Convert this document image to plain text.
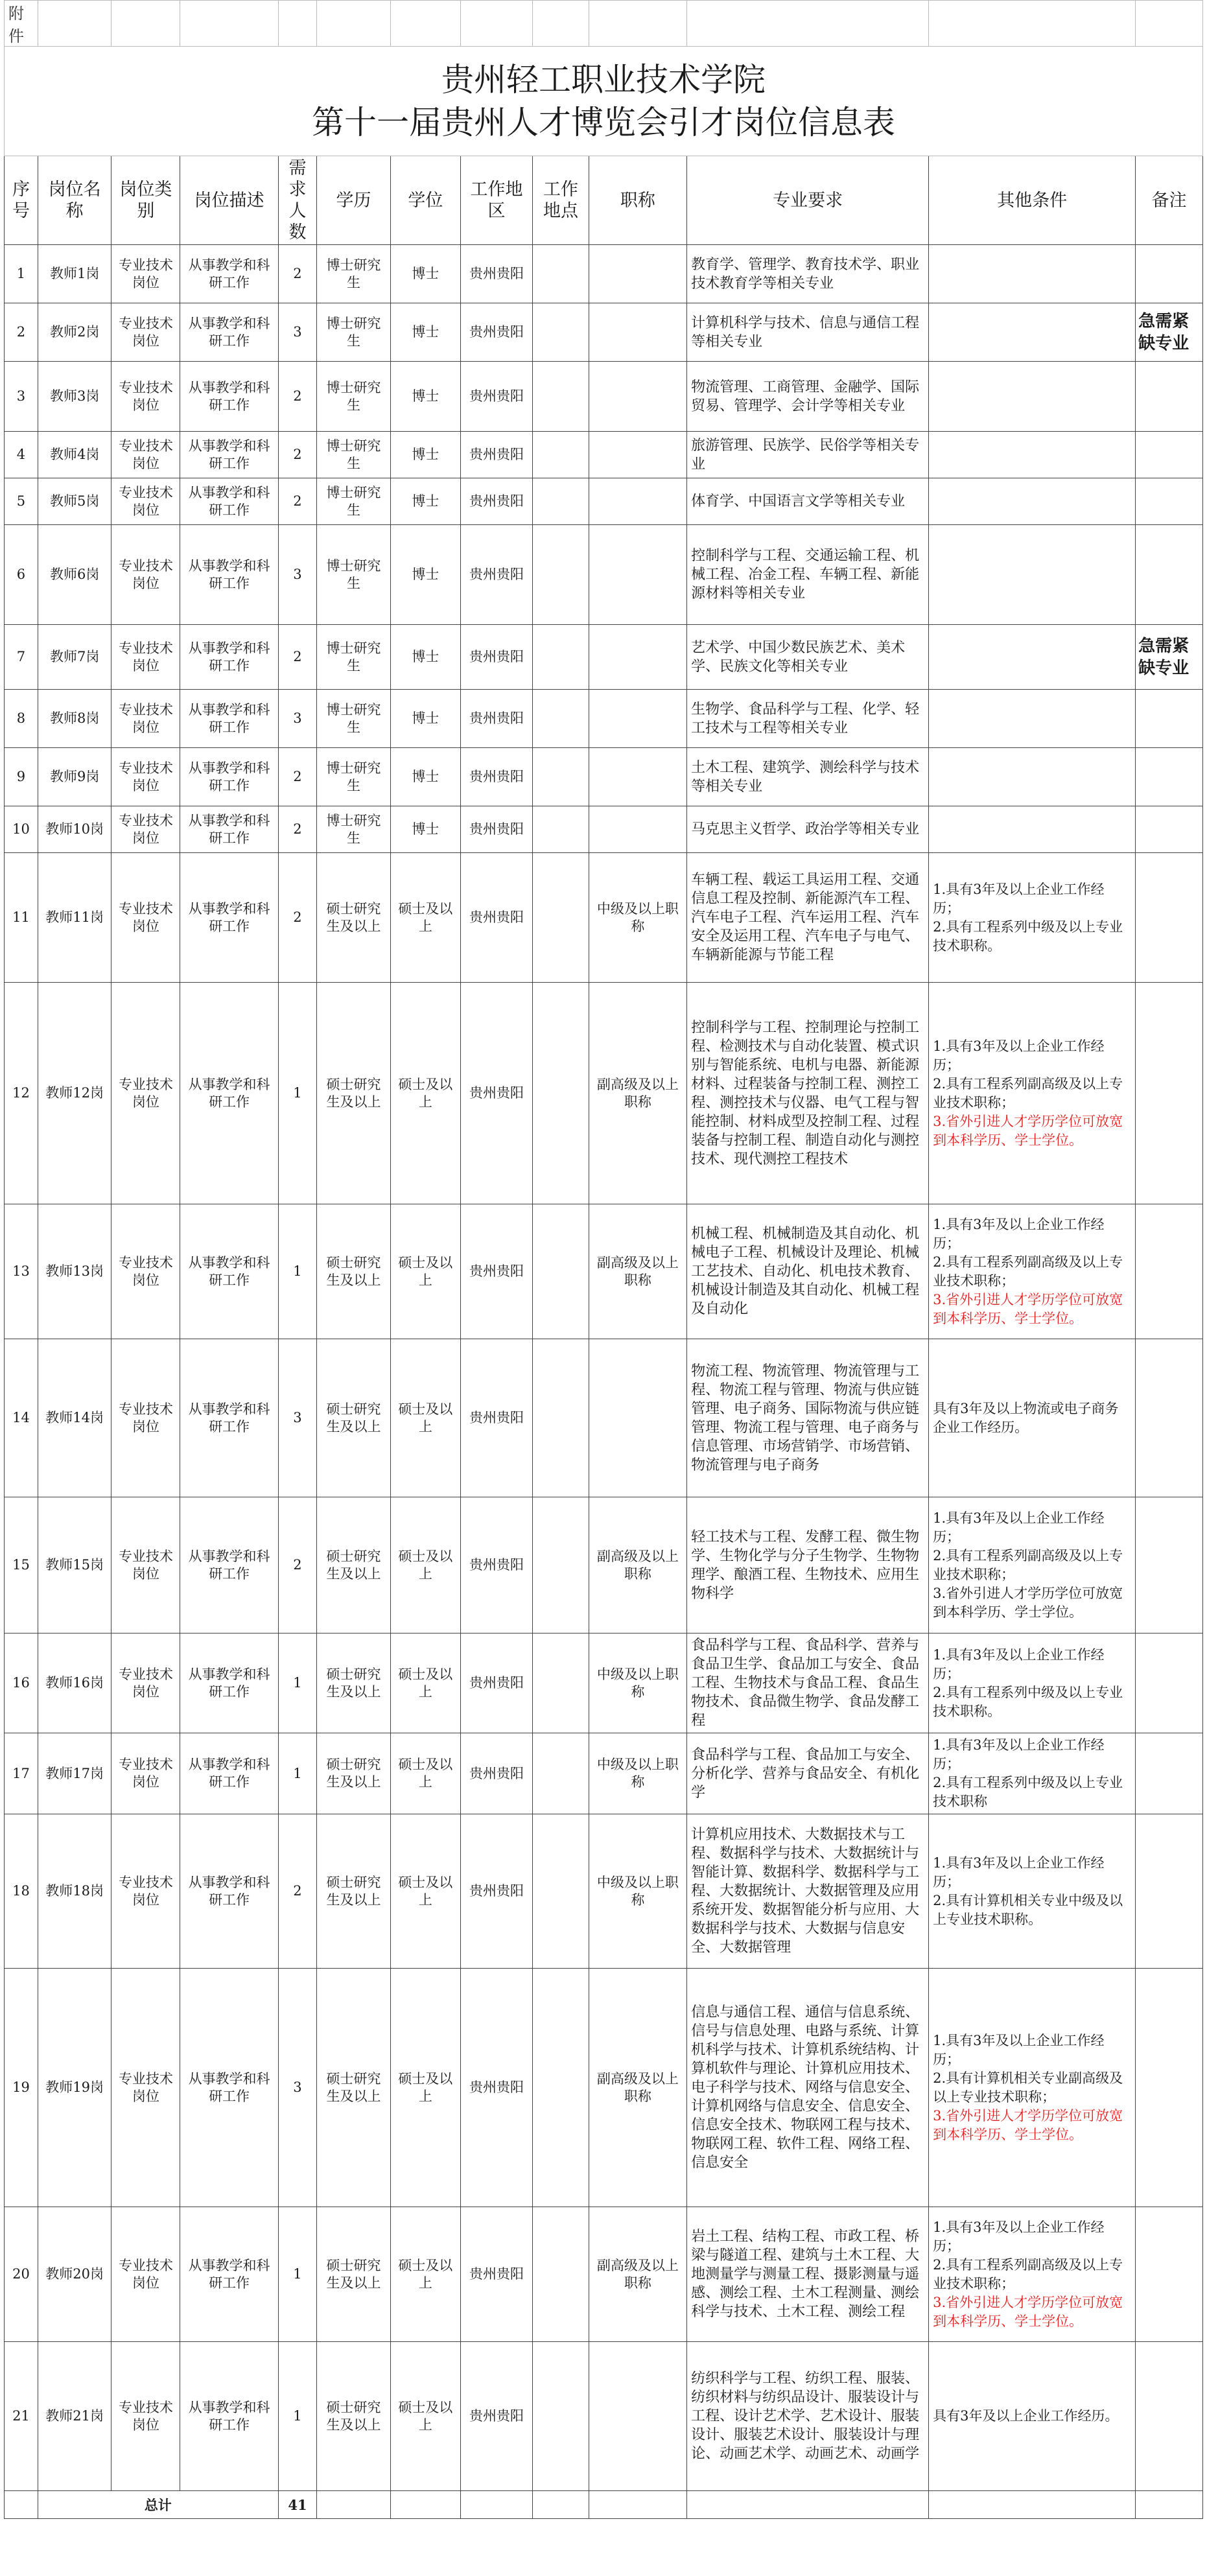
附件												

贵州轻工职业技术学院
第十一届贵州人才博览会引才岗位信息表												

序号	岗位名称	岗位类别	岗位描述	需求人数	学历	学位	工作地区	工作地点	职称	专业要求	其他条件	备注
1	教师1岗	专业技术岗位	从事教学和科研工作	2	博士研究生	博士	贵州贵阳			教育学、管理学、教育技术学、职业技术教育学等相关专业		
2	教师2岗	专业技术岗位	从事教学和科研工作	3	博士研究生	博士	贵州贵阳			计算机科学与技术、信息与通信工程等相关专业		急需紧缺专业
3	教师3岗	专业技术岗位	从事教学和科研工作	2	博士研究生	博士	贵州贵阳			物流管理、工商管理、金融学、国际贸易、管理学、会计学等相关专业		
4	教师4岗	专业技术岗位	从事教学和科研工作	2	博士研究生	博士	贵州贵阳			旅游管理、民族学、民俗学等相关专业		
5	教师5岗	专业技术岗位	从事教学和科研工作	2	博士研究生	博士	贵州贵阳			体育学、中国语言文学等相关专业		
6	教师6岗	专业技术岗位	从事教学和科研工作	3	博士研究生	博士	贵州贵阳			控制科学与工程、交通运输工程、机械工程、冶金工程、车辆工程、新能源材料等相关专业		
7	教师7岗	专业技术岗位	从事教学和科研工作	2	博士研究生	博士	贵州贵阳			艺术学、中国少数民族艺术、美术学、民族文化等相关专业		急需紧缺专业
8	教师8岗	专业技术岗位	从事教学和科研工作	3	博士研究生	博士	贵州贵阳			生物学、食品科学与工程、化学、轻工技术与工程等相关专业		
9	教师9岗	专业技术岗位	从事教学和科研工作	2	博士研究生	博士	贵州贵阳			土木工程、建筑学、测绘科学与技术等相关专业		
10	教师10岗	专业技术岗位	从事教学和科研工作	2	博士研究生	博士	贵州贵阳			马克思主义哲学、政治学等相关专业		
11	教师11岗	专业技术岗位	从事教学和科研工作	2	硕士研究生及以上	硕士及以上	贵州贵阳		中级及以上职称	车辆工程、载运工具运用工程、交通信息工程及控制、新能源汽车工程、汽车电子工程、汽车运用工程、汽车安全及运用工程、汽车电子与电气、车辆新能源与节能工程	1.具有3年及以上企业工作经历；
2.具有工程系列中级及以上专业技术职称。	

12	教师12岗	专业技术岗位	从事教学和科研工作	1	硕士研究生及以上	硕士及以上	贵州贵阳		副高级及以上职称	控制科学与工程、控制理论与控制工程、检测技术与自动化装置、模式识别与智能系统、电机与电器、新能源材料、过程装备与控制工程、测控工程、测控技术与仪器、电气工程与智能控制、材料成型及控制工程、过程装备与控制工程、制造自动化与测控技术、现代测控工程技术	1.具有3年及以上企业工作经历；
2.具有工程系列副高级及以上专业技术职称；
3.省外引进人才学历学位可放宽到本科学历、学士学位。	

13	教师13岗	专业技术岗位	从事教学和科研工作	1	硕士研究生及以上	硕士及以上	贵州贵阳		副高级及以上职称	机械工程、机械制造及其自动化、机械电子工程、机械设计及理论、机械工艺技术、自动化、机电技术教育、机械设计制造及其自动化、机械工程及自动化	1.具有3年及以上企业工作经历；
2.具有工程系列副高级及以上专业技术职称；
3.省外引进人才学历学位可放宽到本科学历、学士学位。	

14	教师14岗	专业技术岗位	从事教学和科研工作	3	硕士研究生及以上	硕士及以上	贵州贵阳			物流工程、物流管理、物流管理与工程、物流工程与管理、物流与供应链管理、电子商务、国际物流与供应链管理、物流工程与管理、电子商务与信息管理、市场营销学、市场营销、物流管理与电子商务	具有3年及以上物流或电子商务企业工作经历。	

15	教师15岗	专业技术岗位	从事教学和科研工作	2	硕士研究生及以上	硕士及以上	贵州贵阳		副高级及以上职称	轻工技术与工程、发酵工程、微生物学、生物化学与分子生物学、生物物理学、酿酒工程、生物技术、应用生物科学	1.具有3年及以上企业工作经历；
2.具有工程系列副高级及以上专业技术职称；
3.省外引进人才学历学位可放宽到本科学历、学士学位。	

16	教师16岗	专业技术岗位	从事教学和科研工作	1	硕士研究生及以上	硕士及以上	贵州贵阳		中级及以上职称	食品科学与工程、食品科学、营养与食品卫生学、食品加工与安全、食品工程、生物技术与食品工程、食品生物技术、食品微生物学、食品发酵工程	1.具有3年及以上企业工作经历；
2.具有工程系列中级及以上专业技术职称。	

17	教师17岗	专业技术岗位	从事教学和科研工作	1	硕士研究生及以上	硕士及以上	贵州贵阳		中级及以上职称	食品科学与工程、食品加工与安全、分析化学、营养与食品安全、有机化学	1.具有3年及以上企业工作经历；
2.具有工程系列中级及以上专业技术职称	

18	教师18岗	专业技术岗位	从事教学和科研工作	2	硕士研究生及以上	硕士及以上	贵州贵阳		中级及以上职称	计算机应用技术、大数据技术与工程、数据科学与技术、大数据统计与智能计算、数据科学、数据科学与工程、大数据统计、大数据管理及应用系统开发、数据智能分析与应用、大数据科学与技术、大数据与信息安全、大数据管理	1.具有3年及以上企业工作经历；
2.具有计算机相关专业中级及以上专业技术职称。	

19	教师19岗	专业技术岗位	从事教学和科研工作	3	硕士研究生及以上	硕士及以上	贵州贵阳		副高级及以上职称	信息与通信工程、通信与信息系统、信号与信息处理、电路与系统、计算机科学与技术、计算机系统结构、计算机软件与理论、计算机应用技术、电子科学与技术、网络与信息安全、计算机网络与信息安全、信息安全、信息安全技术、物联网工程与技术、物联网工程、软件工程、网络工程、信息安全	1.具有3年及以上企业工作经历；
2.具有计算机相关专业副高级及以上专业技术职称；
3.省外引进人才学历学位可放宽到本科学历、学士学位。	

20	教师20岗	专业技术岗位	从事教学和科研工作	1	硕士研究生及以上	硕士及以上	贵州贵阳		副高级及以上职称	岩土工程、结构工程、市政工程、桥梁与隧道工程、建筑与土木工程、大地测量学与测量工程、摄影测量与遥感、测绘工程、土木工程测量、测绘科学与技术、土木工程、测绘工程	1.具有3年及以上企业工作经历；
2.具有工程系列副高级及以上专业技术职称；
3.省外引进人才学历学位可放宽到本科学历、学士学位。	

21	教师21岗	专业技术岗位	从事教学和科研工作	1	硕士研究生及以上	硕士及以上	贵州贵阳			纺织科学与工程、纺织工程、服装、纺织材料与纺织品设计、服装设计与工程、设计艺术学、艺术设计、服装设计、服装艺术设计、服装设计与理论、动画艺术学、动画艺术、动画学	具有3年及以上企业工作经历。	

	总计			41								
